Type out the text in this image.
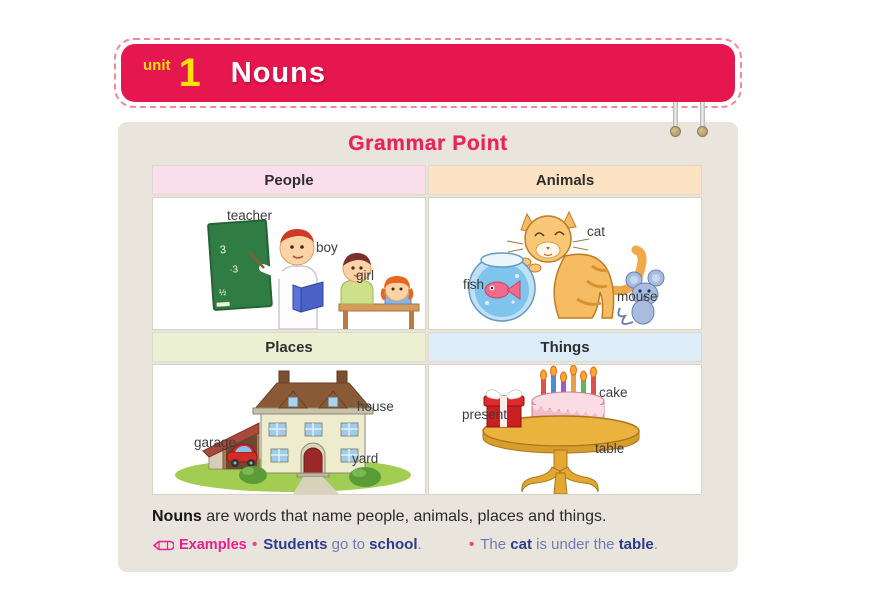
unit 1 Nouns
Grammar Point
People	Animals
3
·3
½
teacher
boy
girl
cat
fish
mouse
Places	Things
house
garage
yard
cake
present
table

Nouns are words that name people, animals, places and things.

Examples • Students go to school.	• The cat is under the table.
